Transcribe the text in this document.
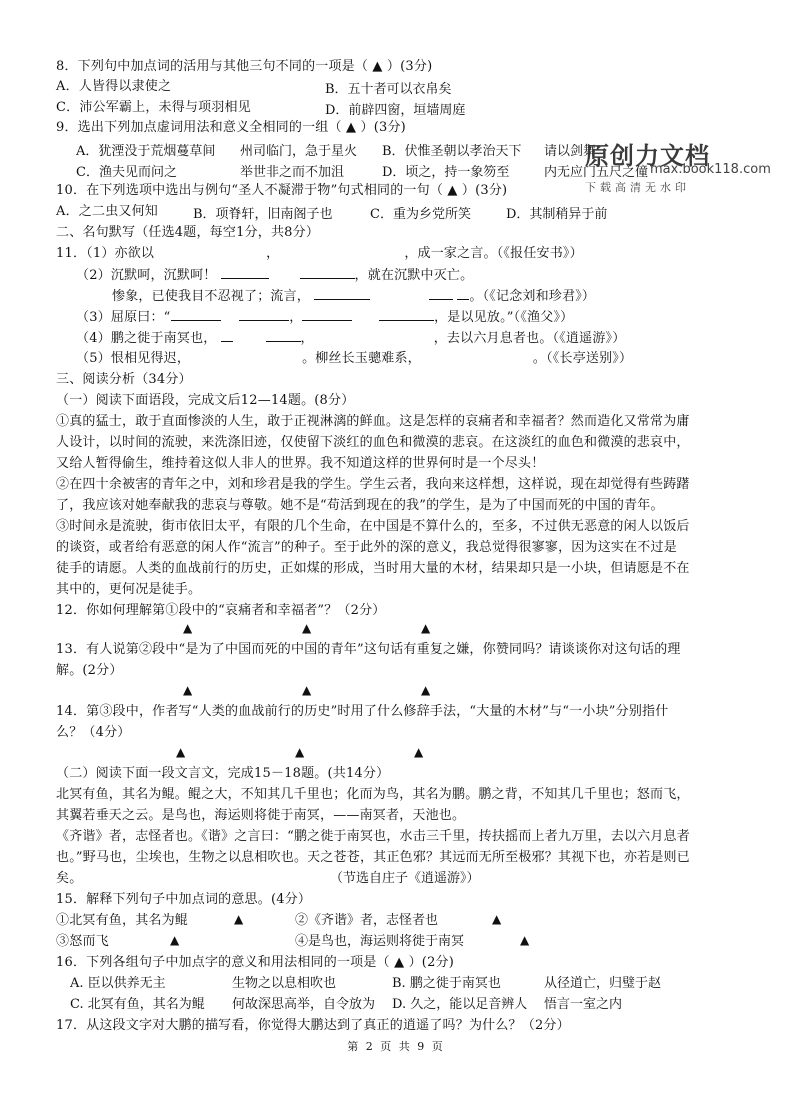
8．下列句中加点词的活用与其他三句不同的一项是（ ▲ ）(3分)
A．人皆得以隶使之	B．五十者可以衣帛矣
C．沛公军霸上，未得与项羽相见	D．前辟四窗，垣墙周庭
9．选出下列加点虚词用法和意义全相同的一组（ ▲ ）(3分)
A．犹湮没于荒烟蔓草间 州司临门，急于星火 B．伏惟圣朝以孝治天下 请以剑舞
C．渔夫见而问之	举世非之而不加沮	D．顷之，持一象笏至	内无应门五尺之僮
原创力文档
max.book118.com
下载高清无水印
10．在下列选项中选出与例句“圣人不凝滞于物”句式相同的一句（ ▲ ）(3分)
A．之二虫又何知	B．项脊轩，旧南阁子也	C．重为乡党所笑	D．其制稍异于前
二、名句默写（任选4题，每空1分，共8分）
11．（1）亦欲以	，	，成一家之言。（《报任安书》）
（2）沉默呵，沉默呵！	，就在沉默中灭亡。
惨象，已使我目不忍视了；流言，	。（《记念刘和珍君》）
（3）屈原曰：“	，	，是以见放。”（《渔父》）
（4）鹏之徙于南冥也，	，	，去以六月息者也。（《逍遥游》）
（5）恨相见得迟，	。柳丝长玉骢难系，	。（《长亭送别》）
三、阅读分析（34分）
（一）阅读下面语段，完成文后12—14题。(8分）
①真的猛士，敢于直面惨淡的人生，敢于正视淋漓的鲜血。这是怎样的哀痛者和幸福者？然而造化又常常为庸
人设计，以时间的流驶，来洗涤旧迹，仅使留下淡红的血色和微漠的悲哀。在这淡红的血色和微漠的悲哀中，
又给人暂得偷生，维持着这似人非人的世界。我不知道这样的世界何时是一个尽头！
②在四十余被害的青年之中，刘和珍君是我的学生。学生云者，我向来这样想，这样说，现在却觉得有些踌躇
了，我应该对她奉献我的悲哀与尊敬。她不是“苟活到现在的我”的学生，是为了中国而死的中国的青年。
③时间永是流驶，街市依旧太平，有限的几个生命，在中国是不算什么的，至多，不过供无恶意的闲人以饭后
的谈资，或者给有恶意的闲人作“流言”的种子。至于此外的深的意义，我总觉得很寥寥，因为这实在不过是
徒手的请愿。人类的血战前行的历史，正如煤的形成，当时用大量的木材，结果却只是一小块，但请愿是不在
其中的，更何况是徒手。
12．你如何理解第①段中的“哀痛者和幸福者”？（2分）
▲	▲	▲
13．有人说第②段中“是为了中国而死的中国的青年”这句话有重复之嫌，你赞同吗？请谈谈你对这句话的理
解。(2分）
▲	▲	▲
14．第③段中，作者写“人类的血战前行的历史”时用了什么修辞手法，“大量的木材”与“一小块”分别指什
么？（4分）
▲	▲	▲
（二）阅读下面一段文言文，完成15－18题。(共14分）
北冥有鱼，其名为鲲。鲲之大，不知其几千里也；化而为鸟，其名为鹏。鹏之背，不知其几千里也；怒而飞，
其翼若垂天之云。是鸟也，海运则将徙于南冥，——南冥者，天池也。
《齐谐》者，志怪者也。《谐》之言曰：“鹏之徙于南冥也，水击三千里，抟扶摇而上者九万里，去以六月息者
也。”野马也，尘埃也，生物之以息相吹也。天之苍苍，其正色邪？其远而无所至极邪？其视下也，亦若是则已
矣。	（节选自庄子《逍遥游》）
15．解释下列句子中加点词的意思。(4分）
①北冥有鱼，其名为鲲	▲	②《齐谐》者，志怪者也	▲
③怒而飞	▲	④是鸟也，海运则将徙于南冥	▲
16．下列各组句子中加点字的意义和用法相同的一项是（ ▲ ）(2分)
A. 臣以供养无主	生物之以息相吹也	B. 鹏之徙于南冥也	从径道亡，归璧于赵
C. 北冥有鱼，其名为鲲 何故深思高举，自令放为 D. 久之，能以足音辨人 悟言一室之内
17．从这段文字对大鹏的描写看，你觉得大鹏达到了真正的逍遥了吗？为什么？（2分）
第 2 页 共 9 页
